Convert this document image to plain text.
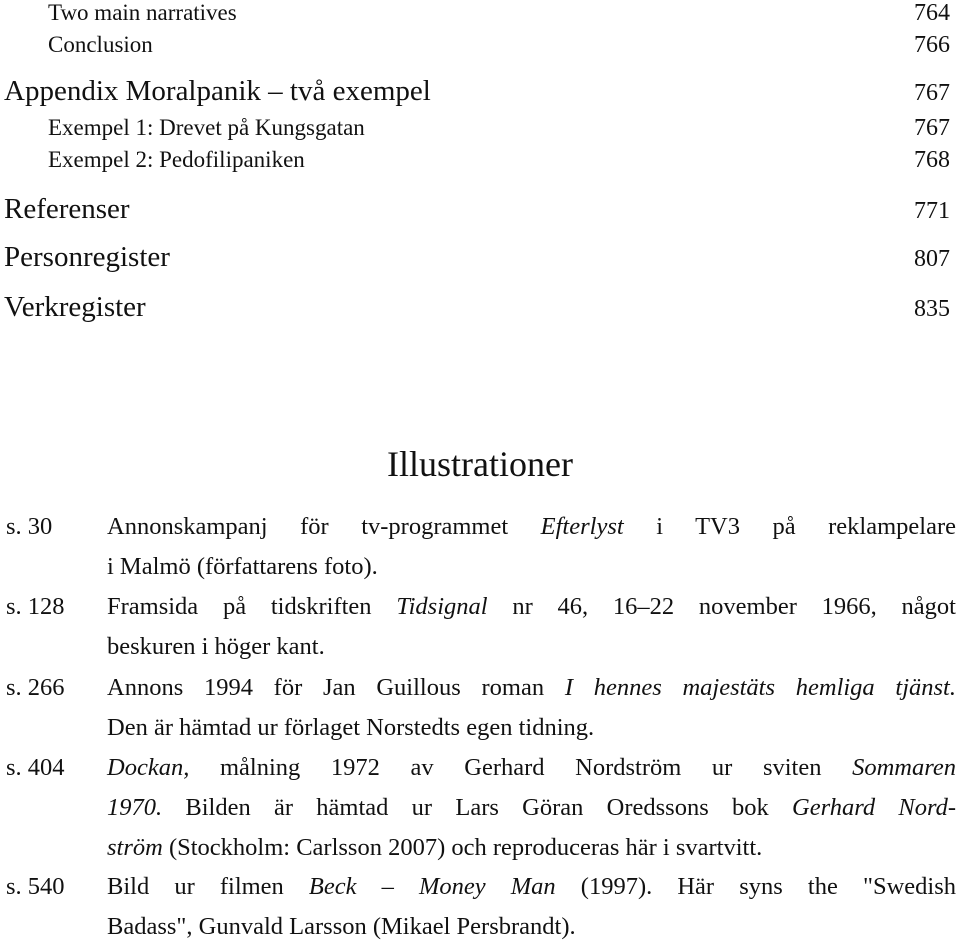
Two main narratives	764
Conclusion	766
Appendix Moralpanik – två exempel	767
Exempel 1: Drevet på Kungsgatan	767
Exempel 2: Pedofilipaniken	768
Referenser	771
Personregister	807
Verkregister	835
Illustrationer
s. 30 Annonskampanj för tv-programmet Efterlyst i TV3 på reklampelare
i Malmö (författarens foto).
s. 128 Framsida på tidskriften Tidsignal nr 46, 16–22 november 1966, något
beskuren i höger kant.
s. 266 Annons 1994 för Jan Guillous roman I hennes majestäts hemliga tjänst.
Den är hämtad ur förlaget Norstedts egen tidning.
s. 404 Dockan, målning 1972 av Gerhard Nordström ur sviten Sommaren
1970. Bilden är hämtad ur Lars Göran Oredssons bok Gerhard Nord-
ström (Stockholm: Carlsson 2007) och reproduceras här i svartvitt.
s. 540 Bild ur filmen Beck – Money Man (1997). Här syns the "Swedish
Badass", Gunvald Larsson (Mikael Persbrandt).
